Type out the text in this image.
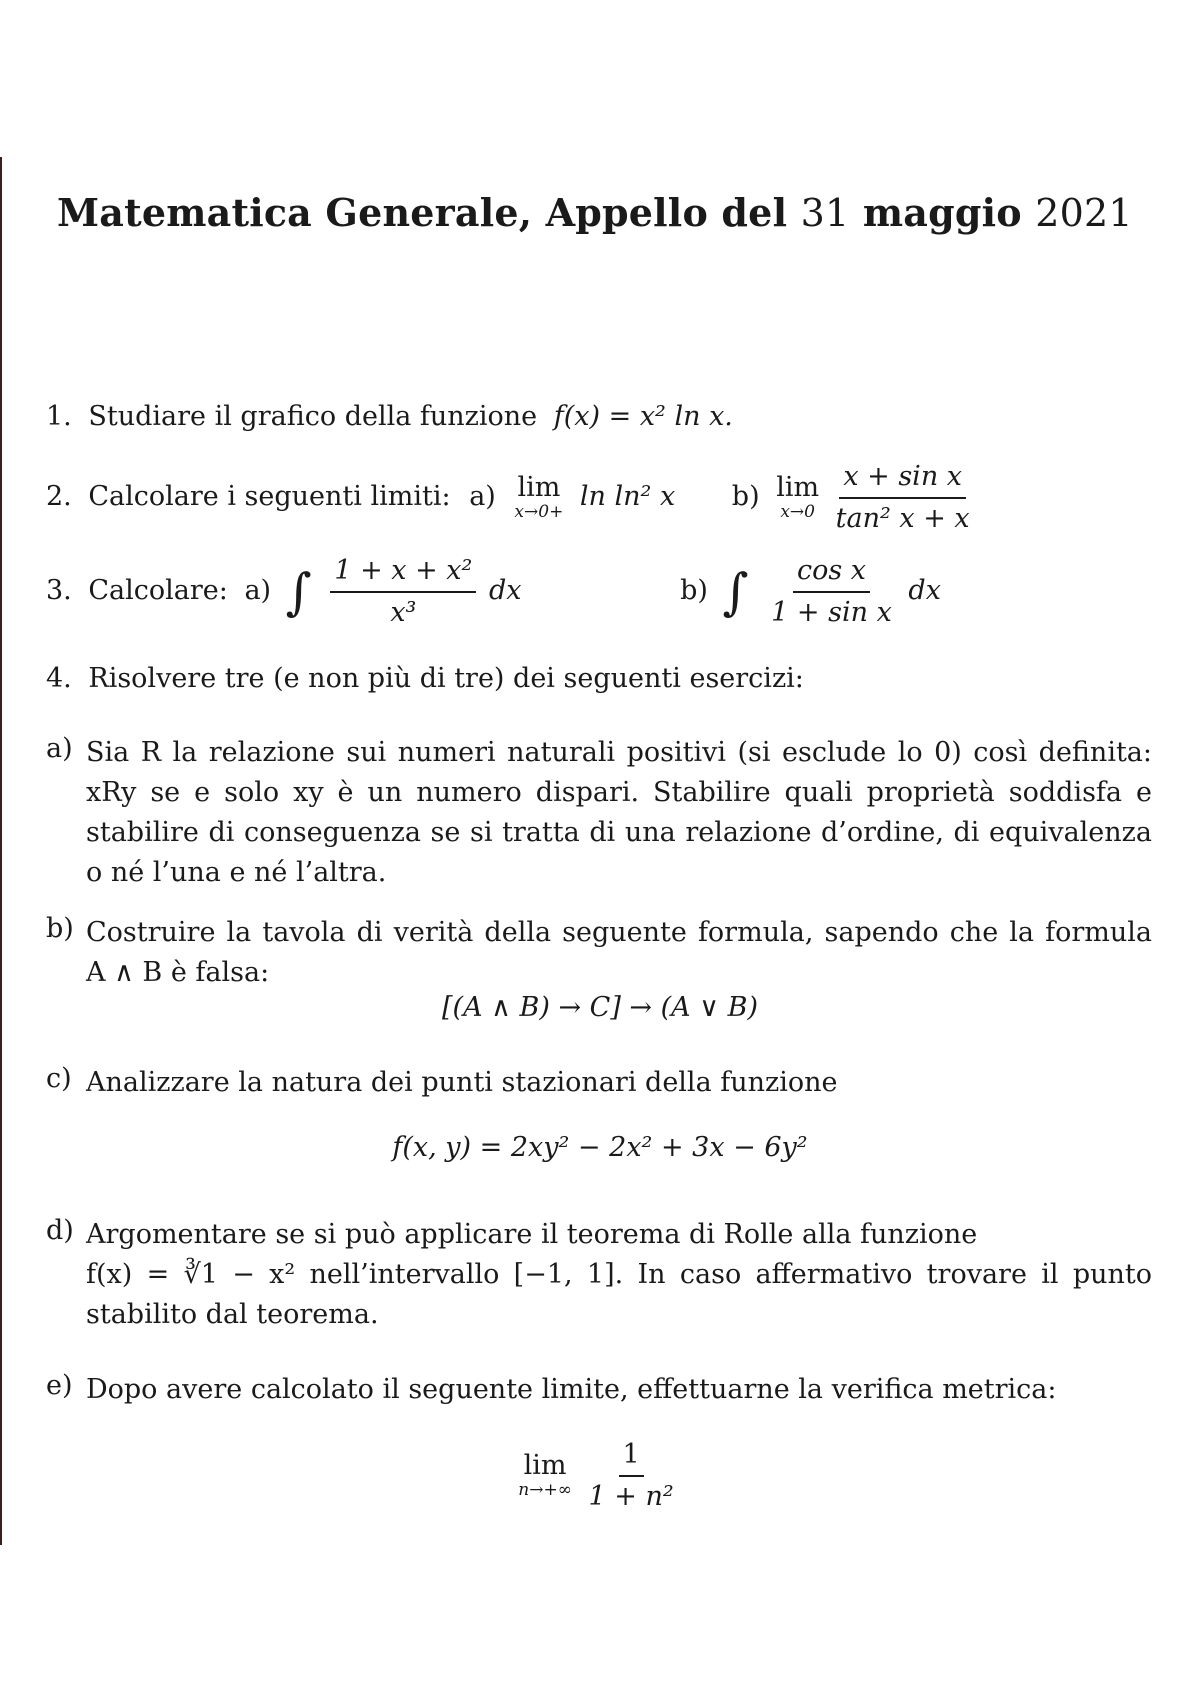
Matematica Generale, Appello del 31 maggio 2021
1. Studiare il grafico della funzione f(x) = x² ln x.
2. Calcolare i seguenti limiti: a) lim
x→0+ ln ln² x b) lim
x→0
$\frac{\text{x + sin x}}{\text{tan² x + x}}$
3. Calcolare: a) ∫ $\frac{\text{1 + x + x²}}{\text{x³}}$ dx	b) ∫ $\frac{\text{cos x}}{\text{1 + sin x}}$ dx
4. Risolvere tre (e non più di tre) dei seguenti esercizi:
a) Sia R la relazione sui numeri naturali positivi (si esclude lo 0) così definita: xRy se e solo xy è un numero dispari. Stabilire quali proprietà soddisfa e stabilire di conseguenza se si tratta di una relazione d’ordine, di equivalenza o né l’una e né l’altra.
b) Costruire la tavola di verità della seguente formula, sapendo che la formula A ∧ B è falsa:
[(A ∧ B) → C] → (A ∨ B)
c) Analizzare la natura dei punti stazionari della funzione
f(x, y) = 2xy² − 2x² + 3x − 6y²
d) Argomentare se si può applicare il teorema di Rolle alla funzione
f(x) = ∛1 − x² nell’intervallo [−1, 1]. In caso affermativo trovare il punto
stabilito dal teorema.
e) Dopo avere calcolato il seguente limite, effettuarne la verifica metrica:
lim
n→+∞
$\frac{1}{\text{1 + n²}}$
